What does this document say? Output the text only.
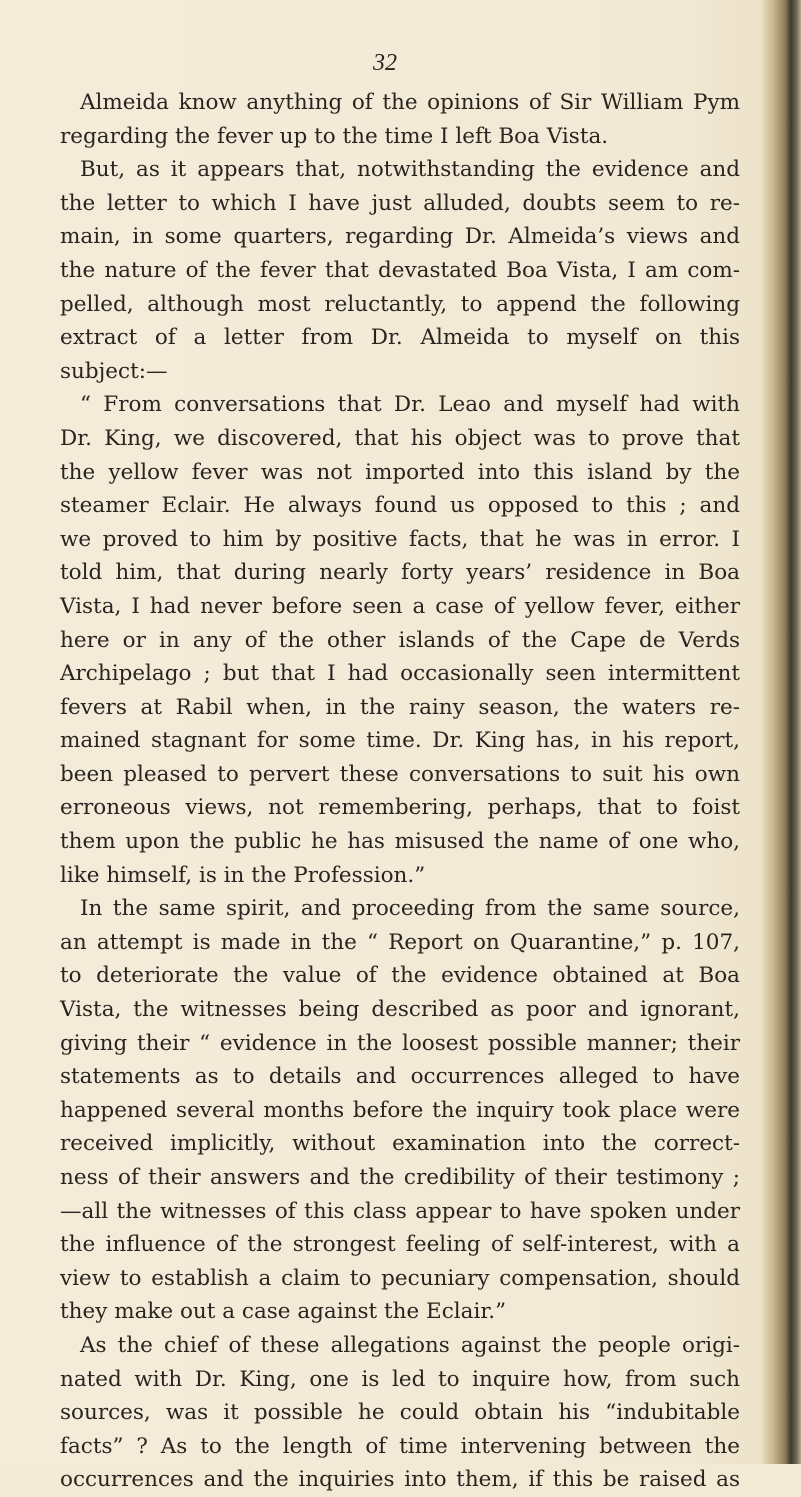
32
Almeida know anything of the opinions of Sir William Pym
regarding the fever up to the time I left Boa Vista.
But, as it appears that, notwithstanding the evidence and
the letter to which I have just alluded, doubts seem to re-
main, in some quarters, regarding Dr. Almeida’s views and
the nature of the fever that devastated Boa Vista, I am com-
pelled, although most reluctantly, to append the following
extract of a letter from Dr. Almeida to myself on this
subject:—
“ From conversations that Dr. Leao and myself had with
Dr. King, we discovered, that his object was to prove that
the yellow fever was not imported into this island by the
steamer Eclair. He always found us opposed to this ; and
we proved to him by positive facts, that he was in error. I
told him, that during nearly forty years’ residence in Boa
Vista, I had never before seen a case of yellow fever, either
here or in any of the other islands of the Cape de Verds
Archipelago ; but that I had occasionally seen intermittent
fevers at Rabil when, in the rainy season, the waters re-
mained stagnant for some time. Dr. King has, in his report,
been pleased to pervert these conversations to suit his own
erroneous views, not remembering, perhaps, that to foist
them upon the public he has misused the name of one who,
like himself, is in the Profession.”
In the same spirit, and proceeding from the same source,
an attempt is made in the “ Report on Quarantine,” p. 107,
to deteriorate the value of the evidence obtained at Boa
Vista, the witnesses being described as poor and ignorant,
giving their “ evidence in the loosest possible manner; their
statements as to details and occurrences alleged to have
happened several months before the inquiry took place were
received implicitly, without examination into the correct-
ness of their answers and the credibility of their testimony ;
—all the witnesses of this class appear to have spoken under
the influence of the strongest feeling of self-interest, with a
view to establish a claim to pecuniary compensation, should
they make out a case against the Eclair.”
As the chief of these allegations against the people origi-
nated with Dr. King, one is led to inquire how, from such
sources, was it possible he could obtain his “indubitable
facts” ? As to the length of time intervening between the
occurrences and the inquiries into them, if this be raised as
